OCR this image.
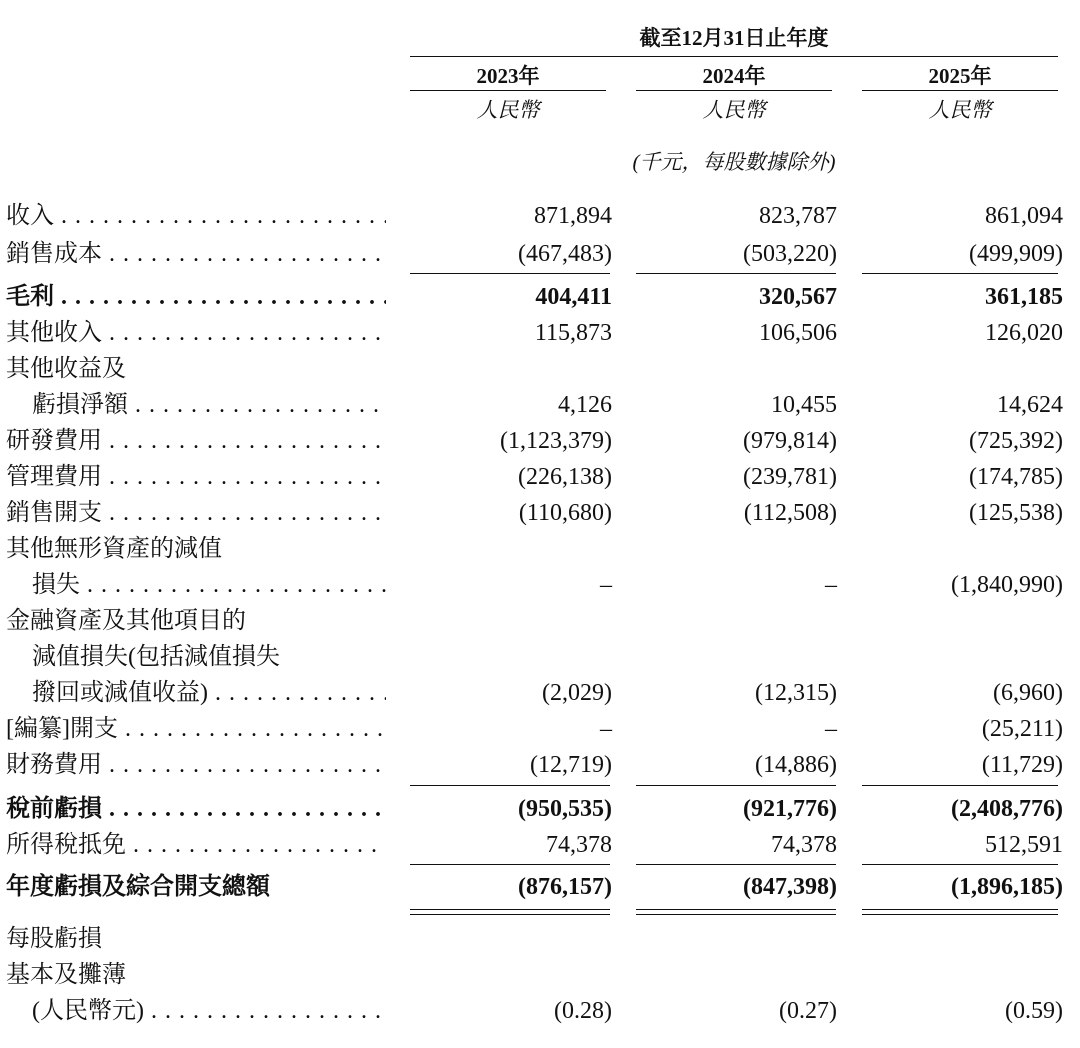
截至12月31日止年度
2023年	2024年	2025年
人民幣	人民幣	人民幣
(千元，每股數據除外)
收入 . . .	871,894	823,787	861,094
銷售成本 . . .	(467,483)	(503,220)	(499,909)
毛利 . . .	404,411	320,567	361,185
其他收入 . . .	115,873	106,506	126,020
其他收益及
虧損淨額 . . .	4,126	10,455	14,624
研發費用 . . .	(1,123,379)	(979,814)	(725,392)
管理費用 . . .	(226,138)	(239,781)	(174,785)
銷售開支 . . .	(110,680)	(112,508)	(125,538)
其他無形資產的減值
損失 . . .	–	–	(1,840,990)
金融資產及其他項目的
減值損失(包括減值損失
撥回或減值收益) . . .	(2,029)	(12,315)	(6,960)
[編纂]開支 . . .	–	–	(25,211)
財務費用 . . .	(12,719)	(14,886)	(11,729)
稅前虧損 . . .	(950,535)	(921,776)	(2,408,776)
所得稅抵免 . . .	74,378	74,378	512,591
年度虧損及綜合開支總額	(876,157)	(847,398)	(1,896,185)
每股虧損
基本及攤薄
(人民幣元) . . .	(0.28)	(0.27)	(0.59)
